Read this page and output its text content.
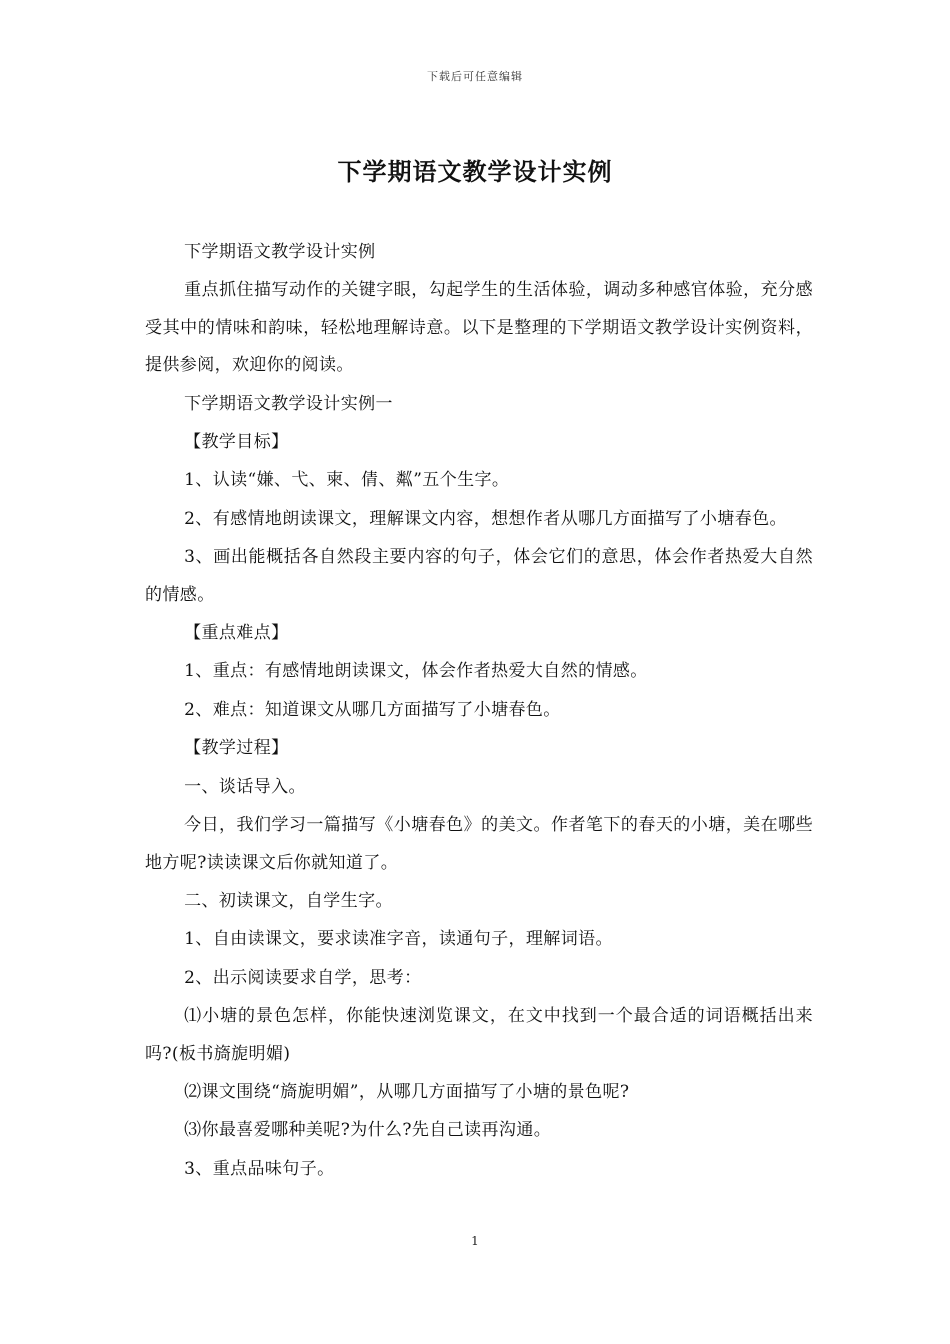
下载后可任意编辑
下学期语文教学设计实例

下学期语文教学设计实例

重点抓住描写动作的关键字眼，勾起学生的生活体验，调动多种感官体验，充分感受其中的情味和韵味，轻松地理解诗意。以下是整理的下学期语文教学设计实例资料，提供参阅，欢迎你的阅读。

下学期语文教学设计实例一

【教学目标】

1、认读“嫌、弋、柬、倩、粼”五个生字。

2、有感情地朗读课文，理解课文内容，想想作者从哪几方面描写了小塘春色。

3、画出能概括各自然段主要内容的句子，体会它们的意思，体会作者热爱大自然的情感。

【重点难点】

1、重点：有感情地朗读课文，体会作者热爱大自然的情感。

2、难点：知道课文从哪几方面描写了小塘春色。

【教学过程】

一、谈话导入。

今日，我们学习一篇描写《小塘春色》的美文。作者笔下的春天的小塘，美在哪些地方呢?读读课文后你就知道了。

二、初读课文，自学生字。

1、自由读课文，要求读准字音，读通句子，理解词语。

2、出示阅读要求自学，思考：

⑴小塘的景色怎样，你能快速浏览课文，在文中找到一个最合适的词语概括出来吗?(板书旖旎明媚)

⑵课文围绕“旖旎明媚”，从哪几方面描写了小塘的景色呢?

⑶你最喜爱哪种美呢?为什么?先自己读再沟通。

3、重点品味句子。

1
